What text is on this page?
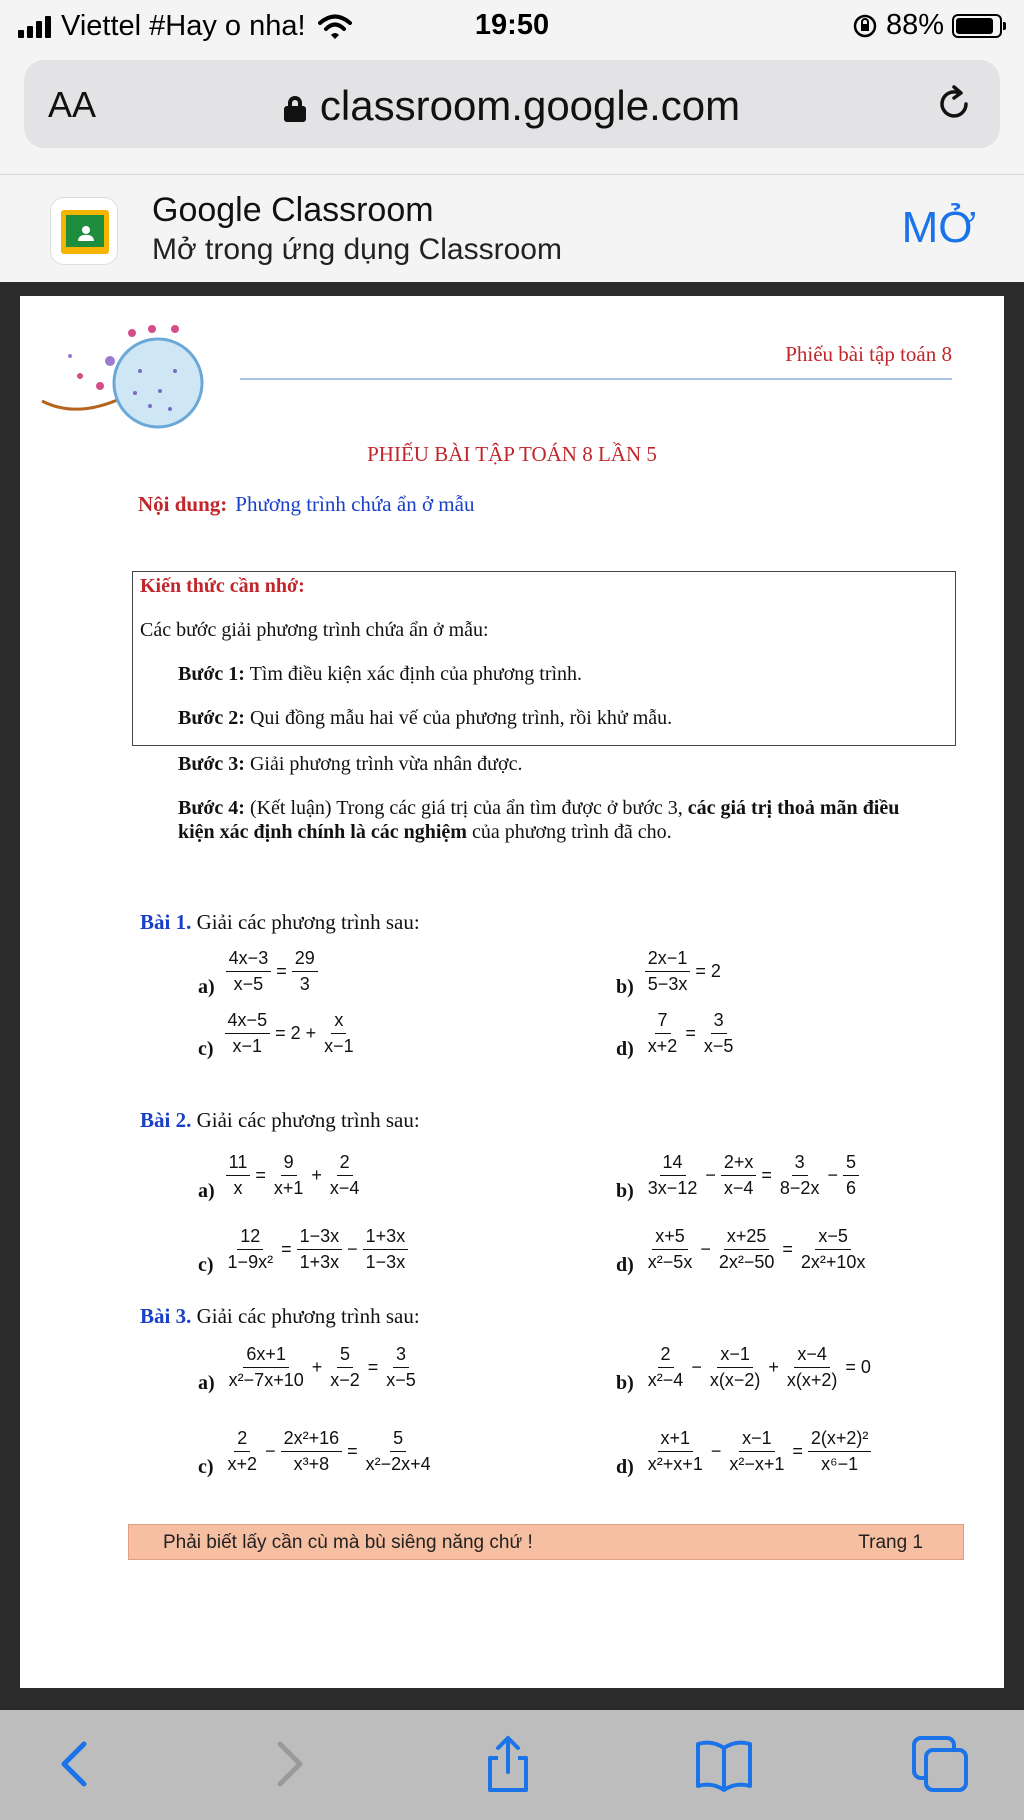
Viettel #Hay o nha!	19:50	88%
AA	classroom.google.com
Google Classroom
Mở trong ứng dụng Classroom	MỞ
Phiếu bài tập toán 8
PHIẾU BÀI TẬP TOÁN 8 LẦN 5
Nội dung: Phương trình chứa ẩn ở mẫu
Kiến thức cần nhớ:
Các bước giải phương trình chứa ẩn ở mẫu:
Bước 1: Tìm điều kiện xác định của phương trình.
Bước 2: Qui đồng mẫu hai vế của phương trình, rồi khử mẫu.
Bước 3: Giải phương trình vừa nhân được.
Bước 4: (Kết luận) Trong các giá trị của ẩn tìm được ở bước 3, các giá trị thoả mãn điều kiện xác định chính là các nghiệm của phương trình đã cho.
Bài 1. Giải các phương trình sau:
$a) \frac{4x-3}{x-5} = \frac{29}{3}$	$b) \frac{2x-1}{5-3x} = 2$
$c) \frac{4x-5}{x-1} = 2 + \frac{x}{x-1}$	$d) \frac{7}{x+2} = \frac{3}{x-5}$
Bài 2. Giải các phương trình sau:
$a) \frac{11}{x} = \frac{9}{x+1} + \frac{2}{x-4}$	$b) \frac{14}{3x-12} - \frac{2+x}{x-4} = \frac{3}{8-2x} - \frac{5}{6}$
$c) \frac{12}{\text{1−9x²}} = \frac{1-3x}{1+3x} - \frac{1+3x}{1-3x}$	$d) \frac{x+5}{\text{x²−5x}} - \frac{x+25}{\text{2x²−50}} = \frac{x-5}{\text{2x²+10x}}$
Bài 3. Giải các phương trình sau:
$a) \frac{6x+1}{\text{x²−7x+10}} + \frac{5}{x-2} = \frac{3}{x-5}$	$b) \frac{2}{\text{x²−4}} - \frac{x-1}{x(x-2)} + \frac{x-4}{x(x+2)} = 0$
$c) \frac{2}{x+2} - \frac{\text{2x²+16}}{\text{x³+8}} = \frac{5}{\text{x²−2x+4}}$	$d) \frac{x+1}{\text{x²+x+1}} - \frac{x-1}{\text{x²−x+1}} = \frac{\text{2(x+2)²}}{\text{x⁶−1}}$
Phải biết lấy cần cù mà bù siêng năng chứ !	Trang 1
